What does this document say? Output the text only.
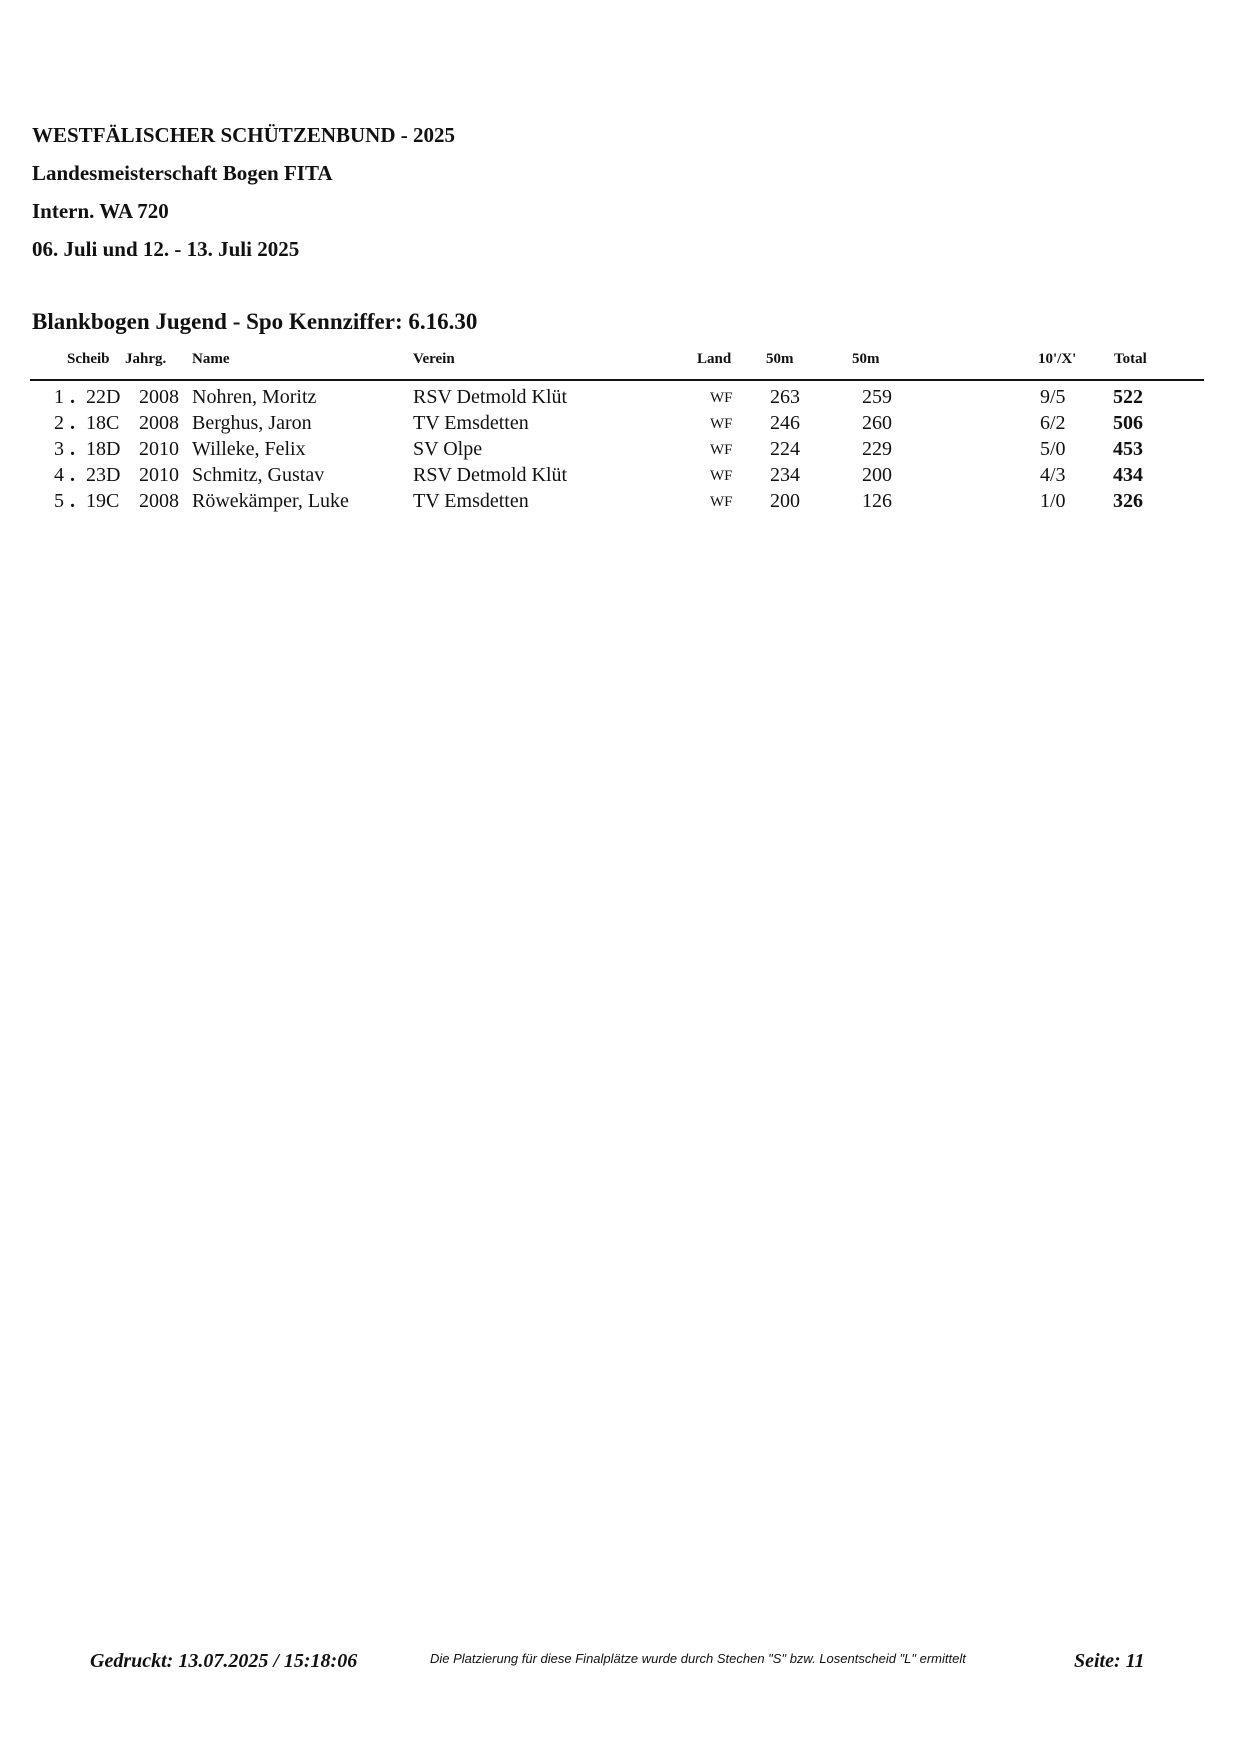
WESTFÄLISCHER SCHÜTZENBUND - 2025
Landesmeisterschaft Bogen FITA
Intern. WA 720
06. Juli und 12. - 13. Juli 2025
Blankbogen Jugend - Spo Kennziffer: 6.16.30
Scheib Jahrg. Name	Verein	Land 50m	50m	10'/X'	Total
1 . 22D 2008 Nohren, Moritz	RSV Detmold Klüt	WF 263	259	9/5 522
2 . 18C 2008 Berghus, Jaron	TV Emsdetten	WF 246	260	6/2 506
3 . 18D 2010 Willeke, Felix	SV Olpe	WF 224	229	5/0 453
4 . 23D 2010 Schmitz, Gustav	RSV Detmold Klüt	WF 234	200	4/3 434
5 . 19C 2008 Röwekämper, Luke	TV Emsdetten	WF 200	126	1/0 326
Gedruckt: 13.07.2025 / 15:18:06	Die Platzierung für diese Finalplätze wurde durch Stechen "S" bzw. Losentscheid "L" ermittelt	Seite: 11
